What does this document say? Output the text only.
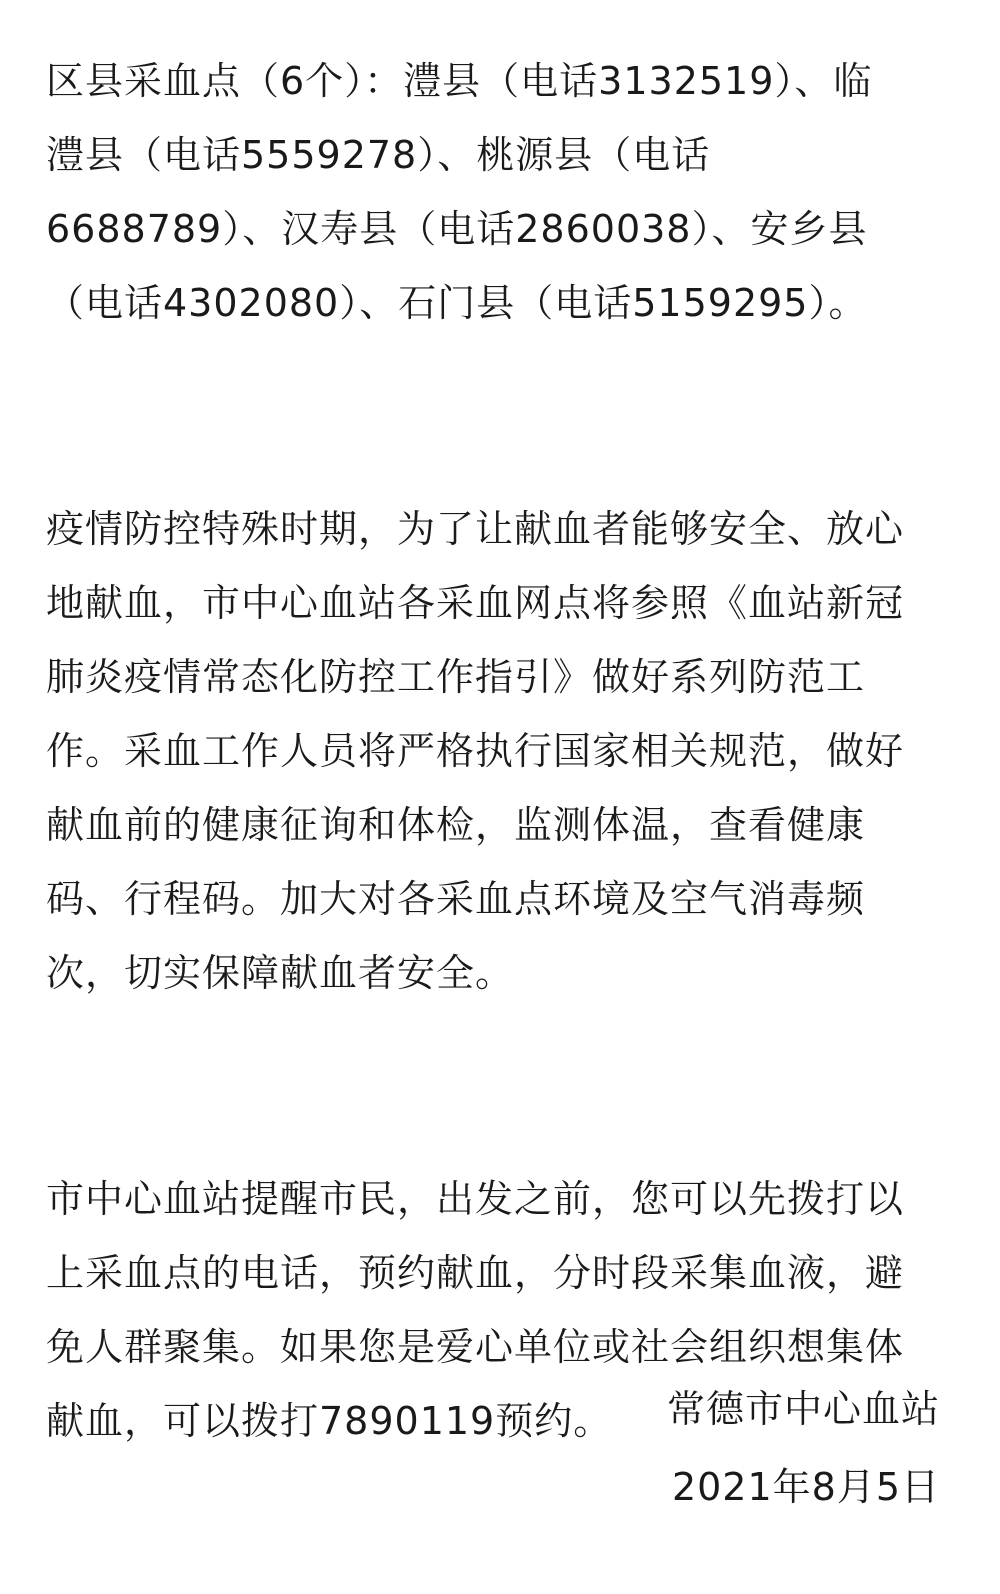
区县采血点（6个）：澧县（电话3132519）、临
澧县（电话5559278）、桃源县（电话
6688789）、汉寿县（电话2860038）、安乡县
（电话4302080）、石门县（电话5159295）。
疫情防控特殊时期，为了让献血者能够安全、放心
地献血，市中心血站各采血网点将参照《血站新冠
肺炎疫情常态化防控工作指引》做好系列防范工
作。采血工作人员将严格执行国家相关规范，做好
献血前的健康征询和体检，监测体温，查看健康
码、行程码。加大对各采血点环境及空气消毒频
次，切实保障献血者安全。
市中心血站提醒市民，出发之前，您可以先拨打以
上采血点的电话，预约献血，分时段采集血液，避
免人群聚集。如果您是爱心单位或社会组织想集体
献血，可以拨打7890119预约。	常德市中心血站
2021年8月5日
